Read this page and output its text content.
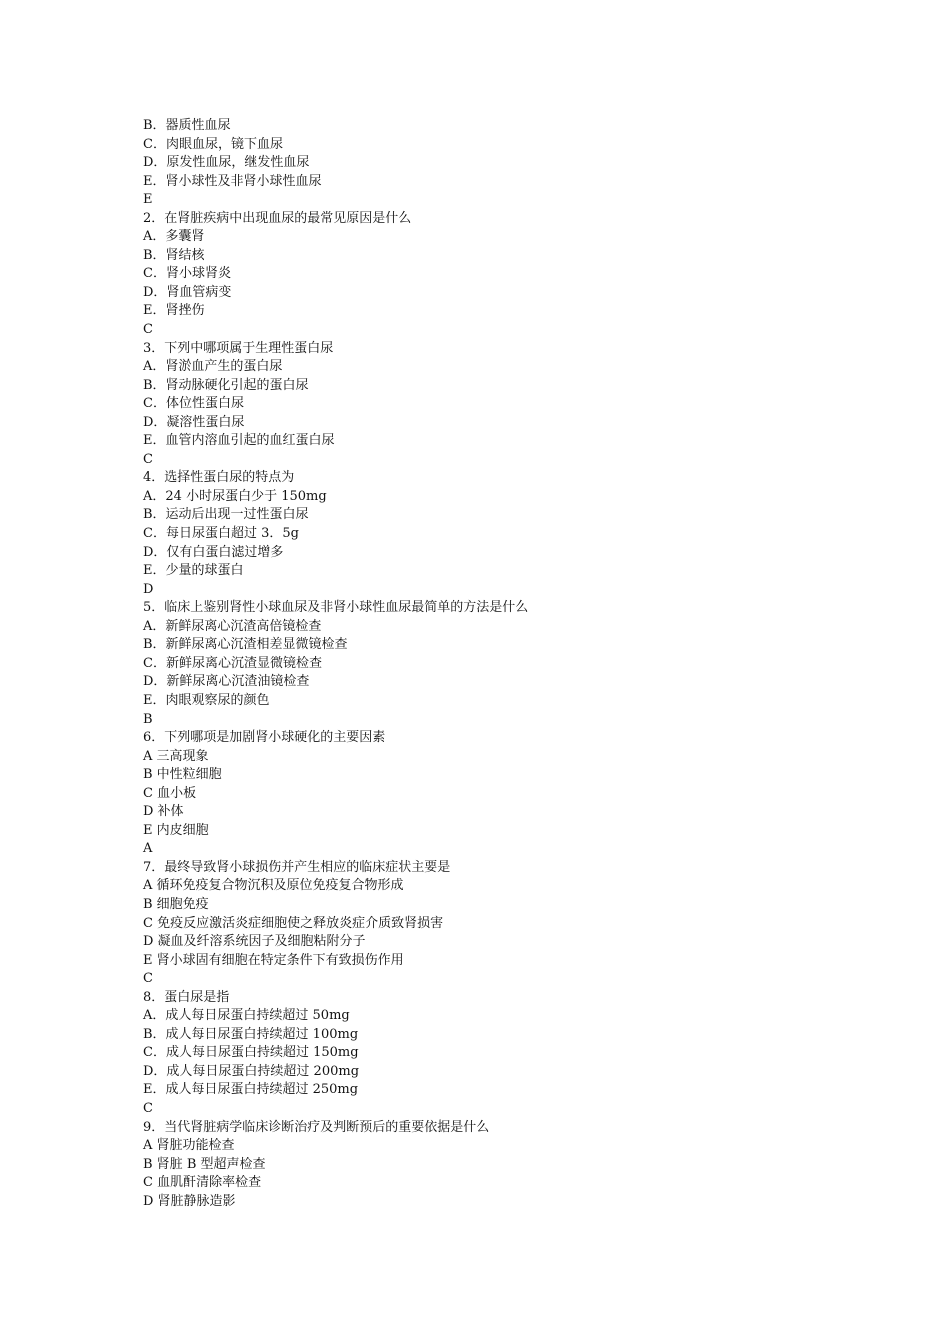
B．器质性血尿
C．肉眼血尿，镜下血尿
D．原发性血尿，继发性血尿
E．肾小球性及非肾小球性血尿
E
2．在肾脏疾病中出现血尿的最常见原因是什么
A．多囊肾
B．肾结核
C．肾小球肾炎
D．肾血管病变
E．肾挫伤
C
3．下列中哪项属于生理性蛋白尿
A．肾淤血产生的蛋白尿
B．肾动脉硬化引起的蛋白尿
C．体位性蛋白尿
D．凝溶性蛋白尿
E．血管内溶血引起的血红蛋白尿
C
4．选择性蛋白尿的特点为
A．24 小时尿蛋白少于 150mg
B．运动后出现一过性蛋白尿
C．每日尿蛋白超过 3．5g
D．仅有白蛋白滤过增多
E．少量的球蛋白
D
5．临床上鉴别肾性小球血尿及非肾小球性血尿最简单的方法是什么
A．新鲜尿离心沉渣高倍镜检查
B．新鲜尿离心沉渣相差显微镜检查
C．新鲜尿离心沉渣显微镜检查
D．新鲜尿离心沉渣油镜检查
E．肉眼观察尿的颜色
B
6．下列哪项是加剧肾小球硬化的主要因素
A 三高现象
B 中性粒细胞
C 血小板
D 补体
E 内皮细胞
A
7．最终导致肾小球损伤并产生相应的临床症状主要是
A 循环免疫复合物沉积及原位免疫复合物形成
B 细胞免疫
C 免疫反应激活炎症细胞使之释放炎症介质致肾损害
D 凝血及纤溶系统因子及细胞粘附分子
E 肾小球固有细胞在特定条件下有致损伤作用
C
8．蛋白尿是指
A．成人每日尿蛋白持续超过 50mg
B．成人每日尿蛋白持续超过 100mg
C．成人每日尿蛋白持续超过 150mg
D．成人每日尿蛋白持续超过 200mg
E．成人每日尿蛋白持续超过 250mg
C
9．当代肾脏病学临床诊断治疗及判断预后的重要依据是什么
A 肾脏功能检查
B 肾脏 B 型超声检查
C 血肌酐清除率检查
D 肾脏静脉造影
